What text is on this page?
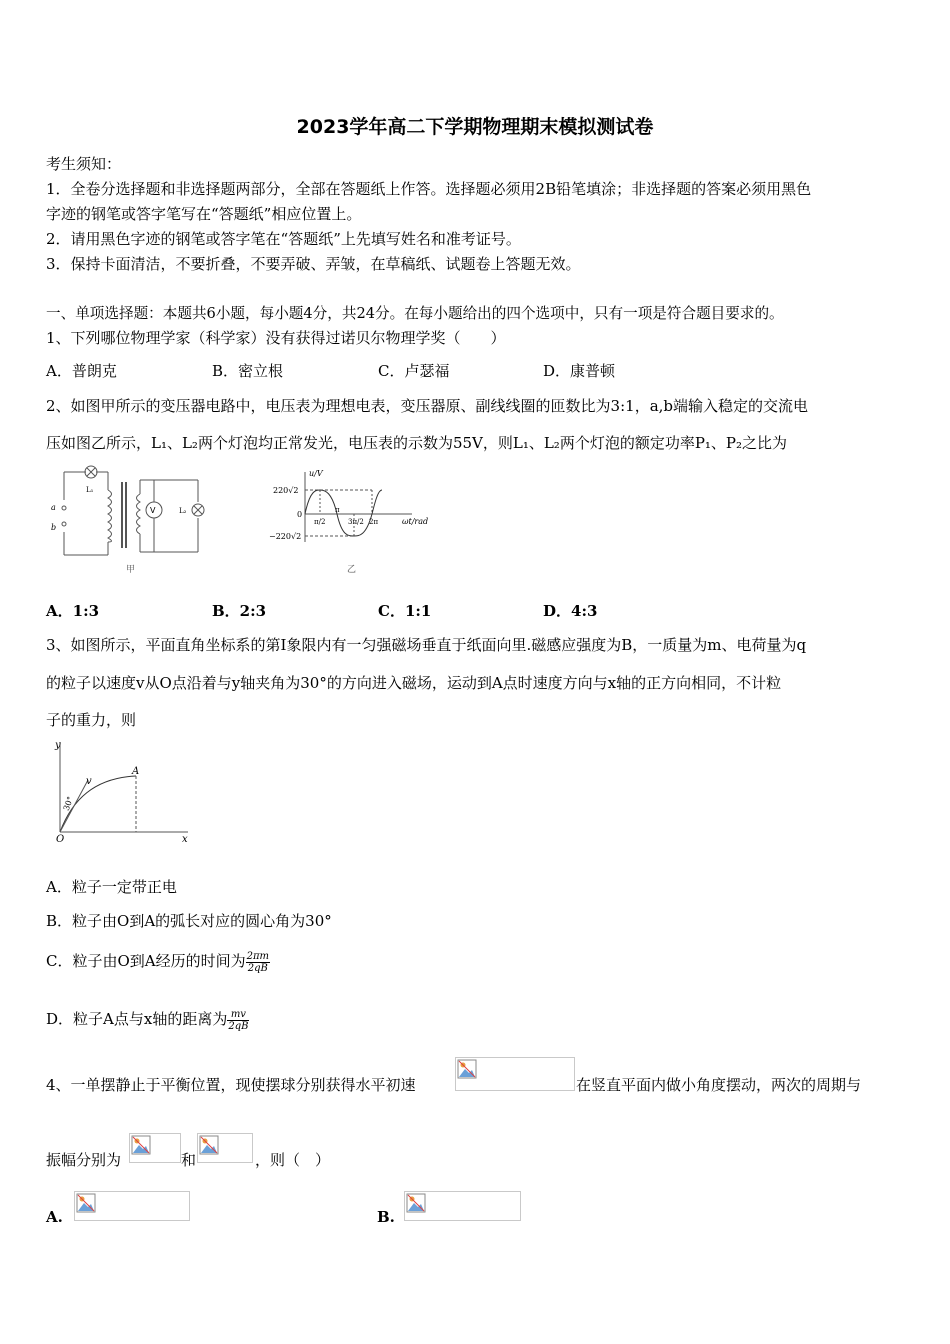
2023学年高二下学期物理期末模拟测试卷
考生须知：
1．全卷分选择题和非选择题两部分，全部在答题纸上作答。选择题必须用2B铅笔填涂；非选择题的答案必须用黑色
字迹的钢笔或答字笔写在“答题纸”相应位置上。
2．请用黑色字迹的钢笔或答字笔在“答题纸”上先填写姓名和准考证号。
3．保持卡面清洁，不要折叠，不要弄破、弄皱，在草稿纸、试题卷上答题无效。
一、单项选择题：本题共6小题，每小题4分，共24分。在每小题给出的四个选项中，只有一项是符合题目要求的。
1、下列哪位物理学家（科学家）没有获得过诺贝尔物理学奖（　　）
A．普朗克	B．密立根	C．卢瑟福	D．康普顿
2、如图甲所示的变压器电路中，电压表为理想电表，变压器原、副线线圈的匝数比为3:1，a,b端输入稳定的交流电
压如图乙所示，L₁、L₂两个灯泡均正常发光，电压表的示数为55V，则L₁、L₂两个灯泡的额定功率P₁、P₂之比为
L₁
V	L₂
a
b
甲
u/V
ωt/rad
220√2
−220√2
0
π/2
π
3π/2 2π
乙
A．1:3	B．2:3	C．1:1	D．4:3
3、如图所示，平面直角坐标系的第I象限内有一匀强磁场垂直于纸面向里.磁感应强度为B，一质量为m、电荷量为q
的粒子以速度v从O点沿着与y轴夹角为30°的方向进入磁场，运动到A点时速度方向与x轴的正方向相同，不计粒
子的重力，则
y
x
O
v
A
30°
A．粒子一定带正电
B．粒子由O到A的弧长对应的圆心角为30°
C．粒子由O到A经历的时间为 $\frac{2\pi m}{2qB}$
D．粒子A点与x轴的距离为 $\frac{mv}{2qB}$
4、一单摆静止于平衡位置，现使摆球分别获得水平初速	在竖直平面内做小角度摆动，两次的周期与
振幅分别为	和	，则（　）
A.	B.
